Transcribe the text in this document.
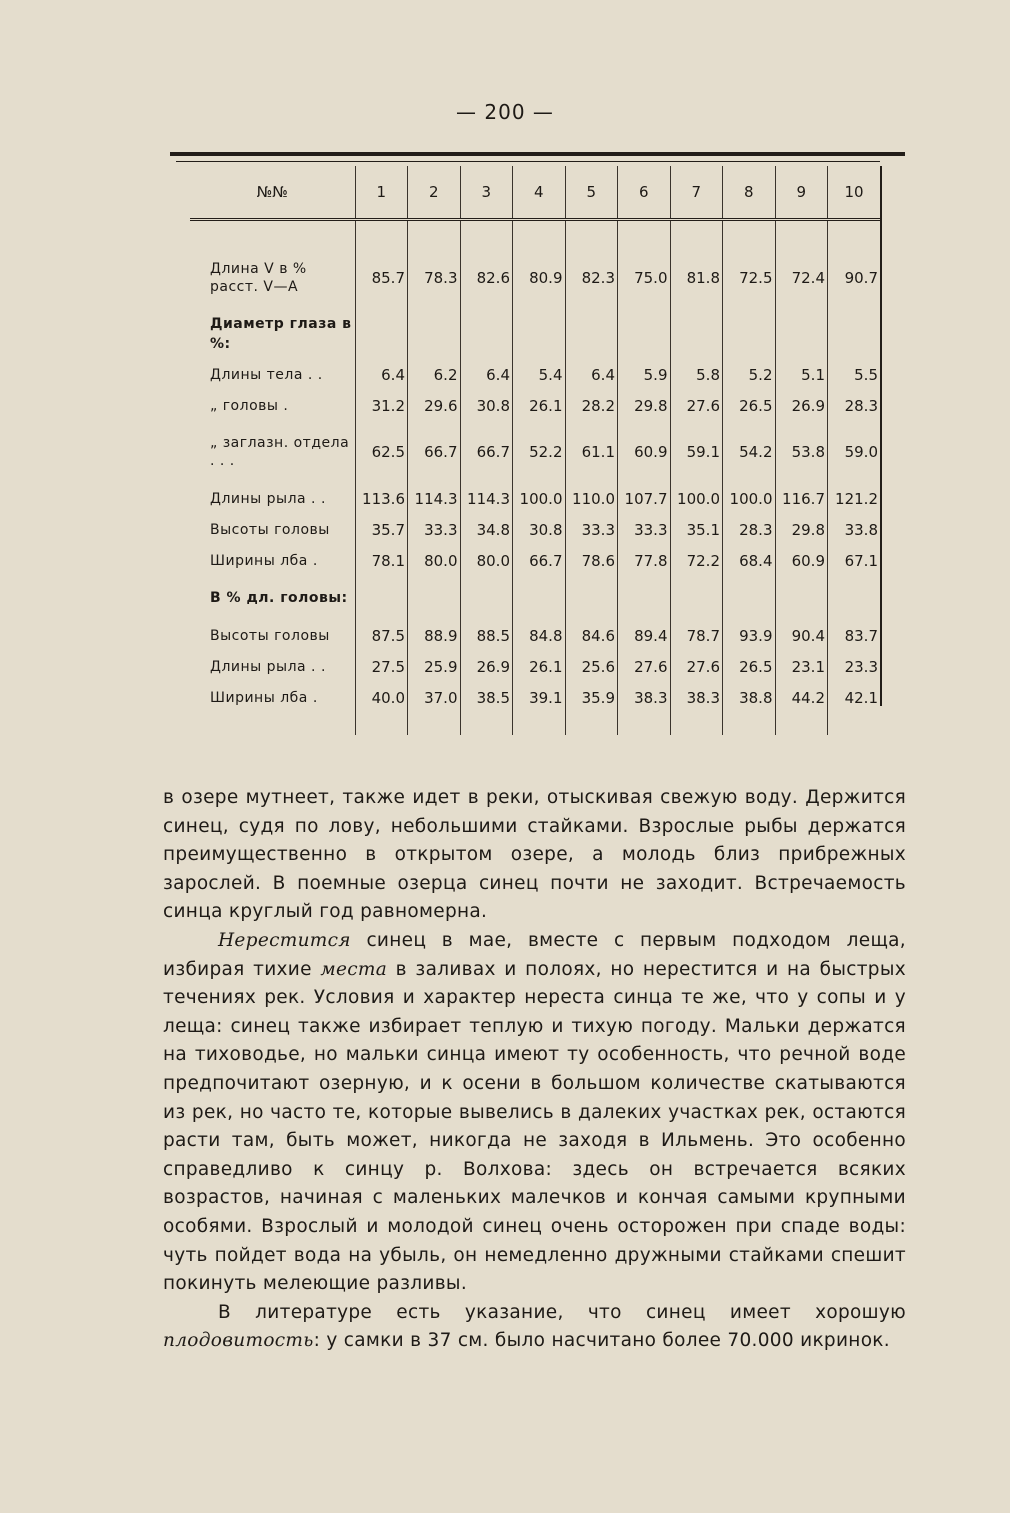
— 200 —
№№	1	2	3	4	5	6	7	8	9	10

Длина V в % расст. V—A	85.7	78.3	82.6	80.9	82.3	75.0	81.8	72.5	72.4	90.7
Диаметр глаза в %:										
Длины тела . .	6.4	6.2	6.4	5.4	6.4	5.9	5.8	5.2	5.1	5.5
„ головы .	31.2	29.6	30.8	26.1	28.2	29.8	27.6	26.5	26.9	28.3
„ заглазн. отдела . . .	62.5	66.7	66.7	52.2	61.1	60.9	59.1	54.2	53.8	59.0
Длины рыла . .	113.6	114.3	114.3	100.0	110.0	107.7	100.0	100.0	116.7	121.2
Высоты головы	35.7	33.3	34.8	30.8	33.3	33.3	35.1	28.3	29.8	33.8
Ширины лба .	78.1	80.0	80.0	66.7	78.6	77.8	72.2	68.4	60.9	67.1
В % дл. головы:										
Высоты головы	87.5	88.9	88.5	84.8	84.6	89.4	78.7	93.9	90.4	83.7
Длины рыла . .	27.5	25.9	26.9	26.1	25.6	27.6	27.6	26.5	23.1	23.3
Ширины лба .	40.0	37.0	38.5	39.1	35.9	38.3	38.3	38.8	44.2	42.1

в озере мутнеет, также идет в реки, отыскивая свежую воду. Держится синец, судя по лову, небольшими стайками. Взрослые рыбы держатся преимущественно в открытом озере, а молодь близ прибрежных зарослей. В поемные озерца синец почти не заходит. Встречаемость синца круглый год равномерна.

Нерестится синец в мае, вместе с первым подходом леща, избирая тихие места в заливах и полоях, но нерестится и на быстрых течениях рек. Условия и характер нереста синца те же, что у сопы и у леща: синец также избирает теплую и тихую погоду. Мальки держатся на тиховодье, но мальки синца имеют ту особенность, что речной воде предпочитают озерную, и к осени в большом количестве скатываются из рек, но часто те, которые вывелись в далеких участках рек, остаются расти там, быть может, никогда не заходя в Ильмень. Это особенно справедливо к синцу р. Волхова: здесь он встречается всяких возрастов, начиная с маленьких малечков и кончая самыми крупными особями. Взрослый и молодой синец очень осторожен при спаде воды: чуть пойдет вода на убыль, он немедленно дружными стайками спешит покинуть мелеющие разливы.

В литературе есть указание, что синец имеет хорошую плодовитость: у самки в 37 см. было насчитано более 70.000 икринок.
